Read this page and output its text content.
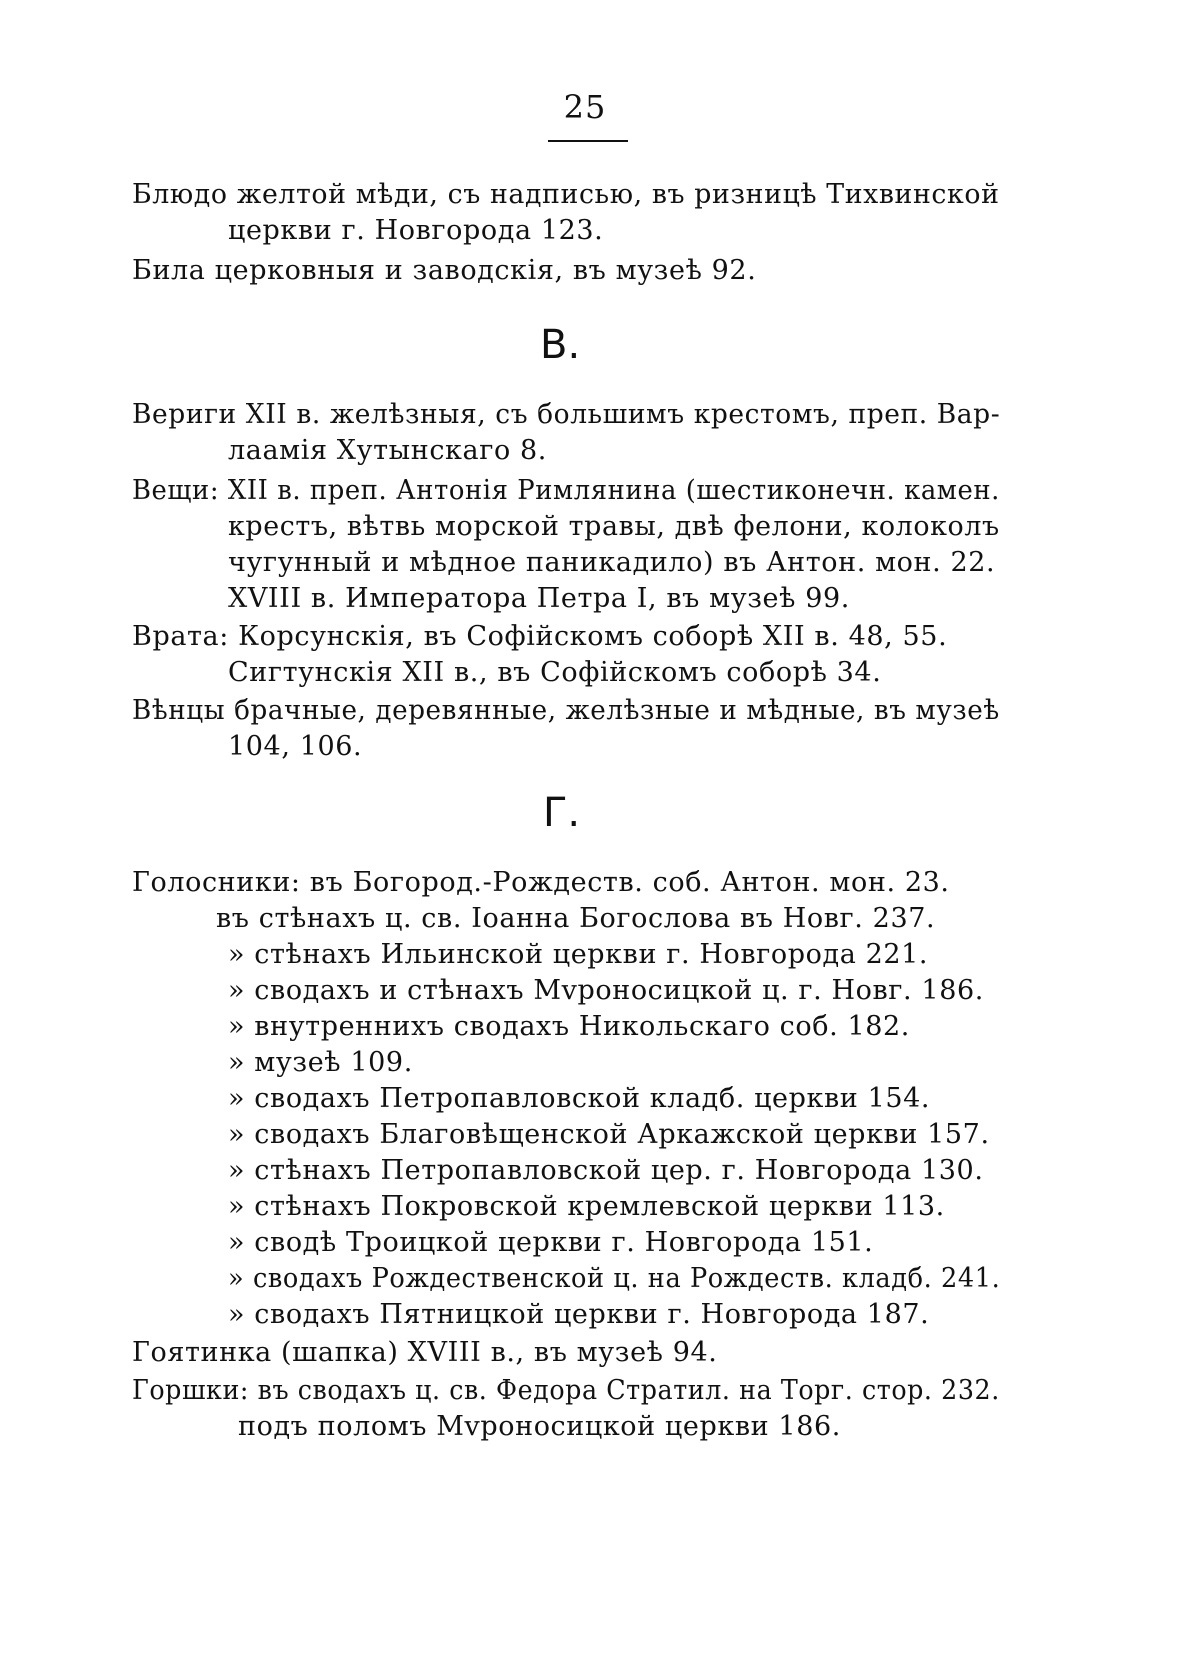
25
Блюдо желтой мѣди, съ надписью, въ ризницѣ Тихвинской
церкви г. Новгорода 123.
Била церковныя и заводскія, въ музеѣ 92.
В.
Вериги XII в. желѣзныя, съ большимъ крестомъ, преп. Вар-
лаамія Хутынскаго 8.
Вещи: XII в. преп. Антонія Римлянина (шестиконечн. камен.
крестъ, вѣтвь морской травы, двѣ фелони, колоколъ
чугунный и мѣдное паникадило) въ Антон. мон. 22.
XVIII в. Императора Петра I, въ музеѣ 99.
Врата: Корсунскія, въ Софійскомъ соборѣ XII в. 48, 55.
Сигтунскія XII в., въ Софійскомъ соборѣ 34.
Вѣнцы брачные, деревянные, желѣзные и мѣдные, въ музеѣ
104, 106.
Г.
Голосники: въ Богород.-Рождеств. соб. Антон. мон. 23.
въ стѣнахъ ц. св. Іоанна Богослова въ Новг. 237.
» стѣнахъ Ильинской церкви г. Новгорода 221.
» сводахъ и стѣнахъ Мvроносицкой ц. г. Новг. 186.
» внутреннихъ сводахъ Никольскаго соб. 182.
» музеѣ 109.
» сводахъ Петропавловской кладб. церкви 154.
» сводахъ Благовѣщенской Аркажской церкви 157.
» стѣнахъ Петропавловской цер. г. Новгорода 130.
» стѣнахъ Покровской кремлевской церкви 113.
» сводѣ Троицкой церкви г. Новгорода 151.
» сводахъ Рождественской ц. на Рождеств. кладб. 241.
» сводахъ Пятницкой церкви г. Новгорода 187.
Гоятинка (шапка) XVIII в., въ музеѣ 94.
Горшки: въ сводахъ ц. св. Федора Стратил. на Торг. стор. 232.
подъ поломъ Мvроносицкой церкви 186.
